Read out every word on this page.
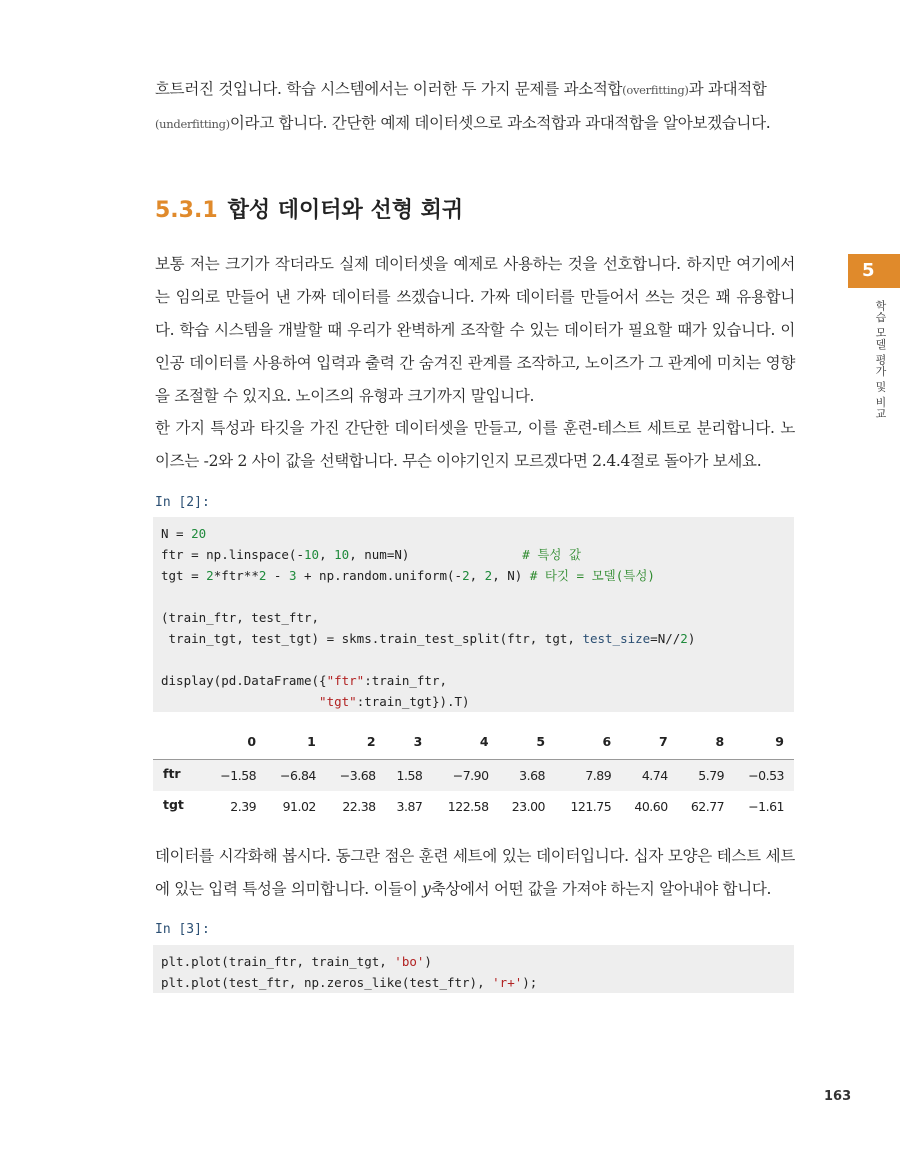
흐트러진 것입니다. 학습 시스템에서는 이러한 두 가지 문제를 과소적합(overfitting)과 과대적합
(underfitting)이라고 합니다. 간단한 예제 데이터셋으로 과소적합과 과대적합을 알아보겠습니다.

5.3.1 합성 데이터와 선형 회귀

보통 저는 크기가 작더라도 실제 데이터셋을 예제로 사용하는 것을 선호합니다. 하지만 여기에서는 임의로 만들어 낸 가짜 데이터를 쓰겠습니다. 가짜 데이터를 만들어서 쓰는 것은 꽤 유용합니다. 학습 시스템을 개발할 때 우리가 완벽하게 조작할 수 있는 데이터가 필요할 때가 있습니다. 이 인공 데이터를 사용하여 입력과 출력 간 숨겨진 관계를 조작하고, 노이즈가 그 관계에 미치는 영향을 조절할 수 있지요. 노이즈의 유형과 크기까지 말입니다.

한 가지 특성과 타깃을 가진 간단한 데이터셋을 만들고, 이를 훈련-테스트 세트로 분리합니다. 노이즈는 -2와 2 사이 값을 선택합니다. 무슨 이야기인지 모르겠다면 2.4.4절로 돌아가 보세요.

In [2]:
N = 20
ftr = np.linspace(-10, 10, num=N)	# 특성 값
tgt = 2*ftr**2 - 3 + np.random.uniform(-2, 2, N) # 타깃 = 모델(특성)
(train_ftr, test_ftr,
train_tgt, test_tgt) = skms.train_test_split(ftr, tgt, test_size=N//2)
display(pd.DataFrame({"ftr":train_ftr,
"tgt":train_tgt}).T)
	0	1	2	3	4	5	6	7	8	9
ftr	−1.58	−6.84	−3.68	1.58	−7.90	3.68	7.89	4.74	5.79	−0.53
tgt	2.39	91.02	22.38	3.87	122.58	23.00	121.75	40.60	62.77	−1.61

데이터를 시각화해 봅시다. 동그란 점은 훈련 세트에 있는 데이터입니다. 십자 모양은 테스트 세트에 있는 입력 특성을 의미합니다. 이들이 y축상에서 어떤 값을 가져야 하는지 알아내야 합니다.

In [3]:
plt.plot(train_ftr, train_tgt, 'bo')
plt.plot(test_ftr, np.zeros_like(test_ftr), 'r+');
5
학습 모델 평가 및 비교
163
